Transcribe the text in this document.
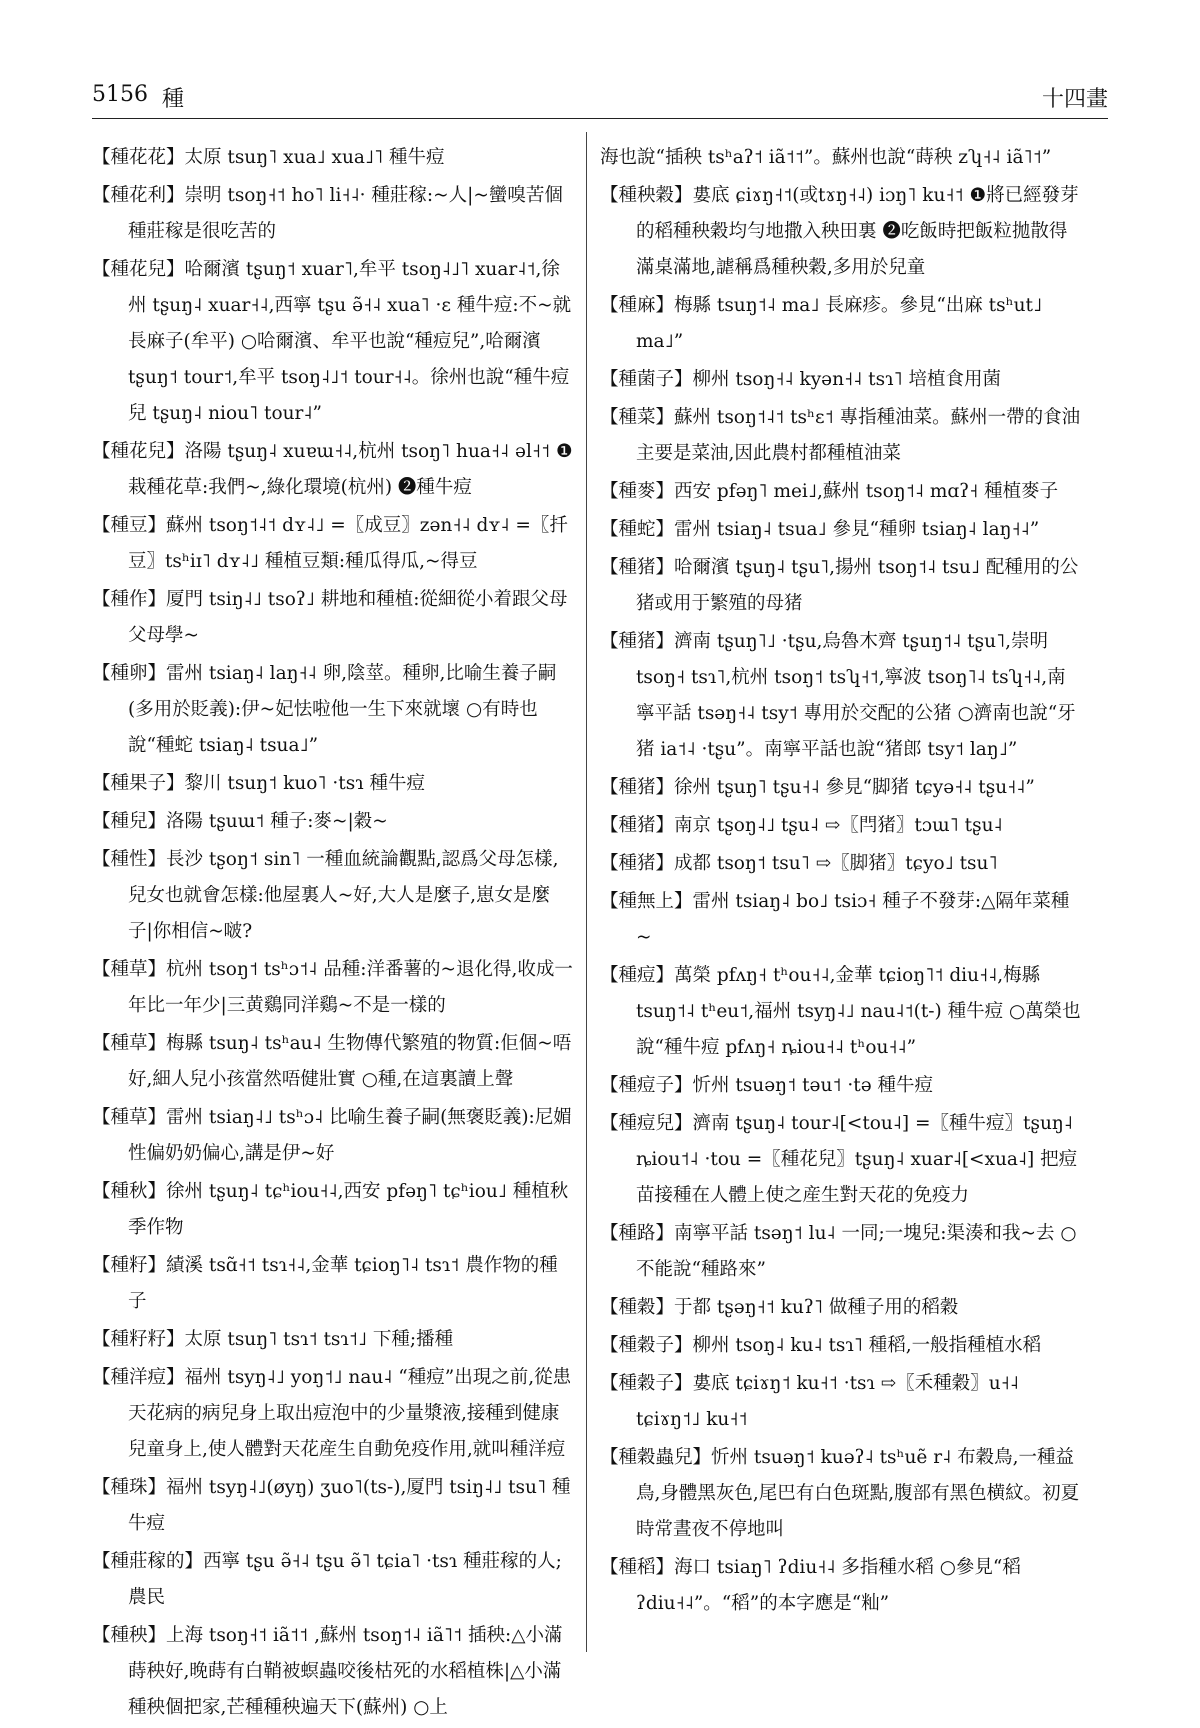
5156 種	十四畫

【種花花】太原 tsuŋ˥ xua˩ xua˩˥ 種牛痘

【種花利】崇明 tsoŋ˧˦ ho˥ li˧˨· 種莊稼:~人|~蠻嗅苦個種莊稼是很吃苦的

【種花兒】哈爾濱 tʂuŋ˦ xuar˥,牟平 tsoŋ˨˩˥ xuar˨˦,徐州 tʂuŋ˨ xuar˧˨,西寧 tʂu ə̃˧˨ xua˥ ·ɛ 種牛痘:不~就長麻子(牟平) ○哈爾濱、牟平也說“種痘兒”,哈爾濱 tʂuŋ˦ tour˦,牟平 tsoŋ˨˩˦ tour˧˨。徐州也說“種牛痘兒 tʂuŋ˨ niou˥ tour˨”

【種花兒】洛陽 tʂuŋ˨ xuɐɯ˧˨,杭州 tsoŋ˥ hua˧˨ əl˧˦ ❶栽種花草:我們~,綠化環境(杭州) ❷種牛痘

【種豆】蘇州 tsoŋ˦˨˦ dʏ˨˩ =〖成豆〗zən˧˨ dʏ˨ =〖扦豆〗tsʰiɪ˥ dʏ˨˩ 種植豆類:種瓜得瓜,~得豆

【種作】厦門 tsiŋ˨˩ tsoʔ˩ 耕地和種植:從細從小着跟父母父母學~

【種卵】雷州 tsiaŋ˨ laŋ˧˨ 卵,陰莖。種卵,比喻生養子嗣(多用於貶義):伊~妃怯啦他一生下來就壞 ○有時也說“種蛇 tsiaŋ˨ tsua˩”

【種果子】黎川 tsuŋ˦ kuo˥ ·tsɿ 種牛痘

【種兒】洛陽 tʂuɯ˦ 種子:麥~|穀~

【種性】長沙 tʂoŋ˦ sin˥ 一種血統論觀點,認爲父母怎樣,兒女也就會怎樣:他屋裏人~好,大人是麼子,崽女是麼子|你相信~啵?

【種草】杭州 tsoŋ˦ tsʰɔ˦˨ 品種:洋番薯的~退化得,收成一年比一年少|三黄鷄同洋鷄~不是一樣的

【種草】梅縣 tsuŋ˨ tsʰau˨ 生物傳代繁殖的物質:佢個~唔好,細人兒小孩當然唔健壯實 ○種,在這裏讀上聲

【種草】雷州 tsiaŋ˨˩ tsʰɔ˨ 比喻生養子嗣(無褒貶義):尼媚性偏奶奶偏心,講是伊~好

【種秋】徐州 tʂuŋ˨ tɕʰiou˧˨,西安 pfəŋ˥ tɕʰiou˩ 種植秋季作物

【種籽】績溪 tsɑ̃˧˦ tsɿ˧˨,金華 tɕioŋ˥˨ tsɿ˦ 農作物的種子

【種籽籽】太原 tsuŋ˥ tsɿ˦ tsɿ˦˩ 下種;播種

【種洋痘】福州 tsyŋ˨˩ yoŋ˦˩ nau˨ “種痘”出現之前,從患天花病的病兒身上取出痘泡中的少量漿液,接種到健康兒童身上,使人體對天花産生自動免疫作用,就叫種洋痘

【種珠】福州 tsyŋ˨˩(øyŋ) ʒuo˥(ts-),厦門 tsiŋ˨˩ tsu˥ 種牛痘

【種莊稼的】西寧 tʂu ə̃˧˨ tʂu ə̃˥ tɕia˥ ·tsɿ 種莊稼的人;農民

【種秧】上海 tsoŋ˧˦ iã˦˦ ,蘇州 tsoŋ˦˨ iã˥˦ 插秧:△小滿蒔秧好,晚蒔有白鞘被螟蟲咬後枯死的水稻植株|△小滿種秧個把家,芒種種秧遍天下(蘇州) ○上

海也說“插秧 tsʰaʔ˦ iã˦˦”。蘇州也說“蒔秧 zʮ˧˨ iã˥˦”

【種秧穀】婁底 ɕiɤŋ˧˦(或tɤŋ˧˨) iɔŋ˥ ku˧˦ ❶將已經發芽的稻種秧穀均勻地撒入秧田裏 ❷吃飯時把飯粒拋散得滿桌滿地,謔稱爲種秧穀,多用於兒童

【種麻】梅縣 tsuŋ˦˨ ma˩ 長麻疹。參見“出麻 tsʰut˩ ma˩”

【種菌子】柳州 tsoŋ˧˨ kyən˧˨ tsɿ˥ 培植食用菌

【種菜】蘇州 tsoŋ˦˨˦ tsʰɛ˦ 專指種油菜。蘇州一帶的食油主要是菜油,因此農村都種植油菜

【種麥】西安 pfəŋ˥ mei˩,蘇州 tsoŋ˦˨ mɑʔ˧ 種植麥子

【種蛇】雷州 tsiaŋ˨ tsua˩ 參見“種卵 tsiaŋ˨ laŋ˧˨”

【種猪】哈爾濱 tʂuŋ˨ tʂu˥,揚州 tsoŋ˦˨ tsu˩ 配種用的公猪或用于繁殖的母猪

【種猪】濟南 tʂuŋ˥˩ ·tʂu,烏魯木齊 tʂuŋ˦˨ tʂu˥,崇明 tsoŋ˧ tsɿ˥,杭州 tsoŋ˦ tsʮ˧˦,寧波 tsoŋ˥˨ tsʮ˧˨,南寧平話 tsəŋ˧˨ tsy˦ 專用於交配的公猪 ○濟南也說“牙猪 ia˦˨ ·tʂu”。南寧平話也說“猪郎 tsy˦ laŋ˩”

【種猪】徐州 tʂuŋ˥ tʂu˧˨ 參見“脚猪 tɕyə˧˨ tʂu˧˨”

【種猪】南京 tʂoŋ˨˩ tʂu˨ ⇨〖閂猪〗tɔɯ˥ tʂu˨

【種猪】成都 tsoŋ˦ tsu˥ ⇨〖脚猪〗tɕyo˩ tsu˥

【種無上】雷州 tsiaŋ˨ bo˩ tsiɔ˧ 種子不發芽:△隔年菜種~

【種痘】萬榮 pfʌŋ˧ tʰou˧˨,金華 tɕioŋ˥˦ diu˧˨,梅縣 tsuŋ˦˨ tʰeu˦,福州 tsyŋ˨˩ nau˨˦(t-) 種牛痘 ○萬榮也說“種牛痘 pfʌŋ˧ ȵiou˧˨ tʰou˧˨”

【種痘子】忻州 tsuəŋ˦ təu˦ ·tə 種牛痘

【種痘兒】濟南 tʂuŋ˨ tour˨[<tou˨] =〖種牛痘〗tʂuŋ˨ ȵiou˦˨ ·tou =〖種花兒〗tʂuŋ˨ xuar˨[<xua˨] 把痘苗接種在人體上使之産生對天花的免疫力

【種路】南寧平話 tsəŋ˦ lu˨ 一同;一塊兒:渠湊和我~去 ○不能說“種路來”

【種穀】于都 tʂəŋ˧˦ kuʔ˥ 做種子用的稻穀

【種穀子】柳州 tsoŋ˨ ku˨ tsɿ˥ 種稻,一般指種植水稻

【種穀子】婁底 tɕiɤŋ˦ ku˧˦ ·tsɿ ⇨〖禾種穀〗u˧˨ tɕiɤŋ˦˩ ku˧˦

【種穀蟲兒】忻州 tsuəŋ˦ kuəʔ˨ tsʰuẽ r˨ 布穀鳥,一種益鳥,身體黑灰色,尾巴有白色斑點,腹部有黑色横紋。初夏時常晝夜不停地叫

【種稻】海口 tsiaŋ˥ ʔdiu˧˨ 多指種水稻 ○參見“稻 ʔdiu˧˨”。“稻”的本字應是“籼”
